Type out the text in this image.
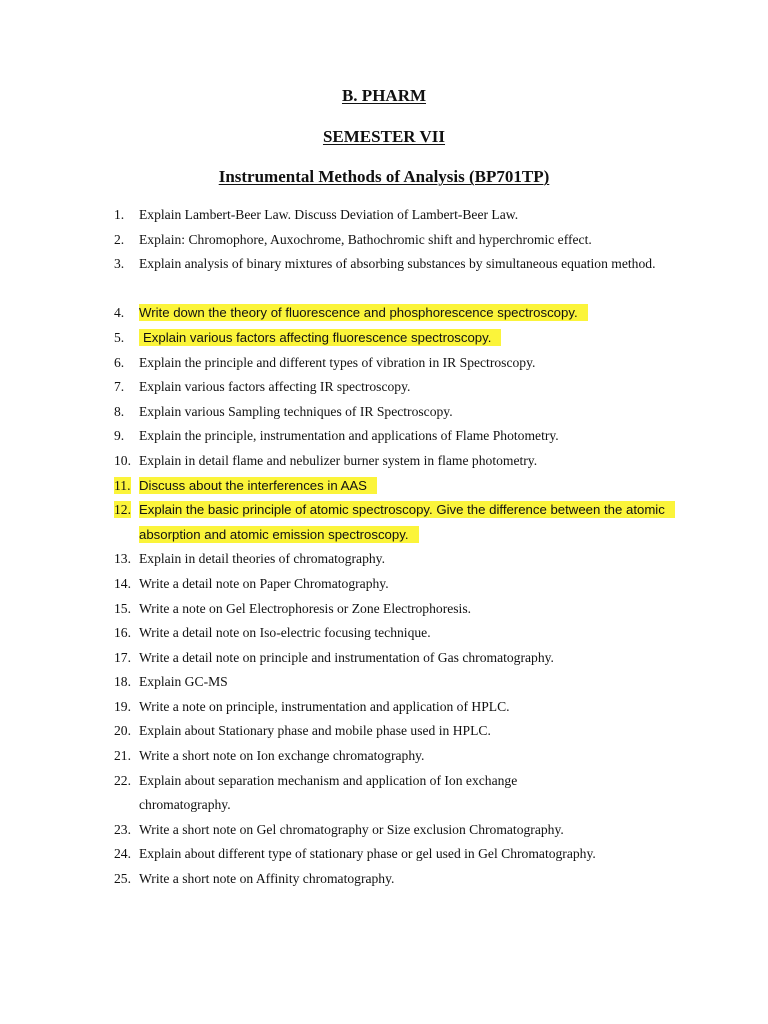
B. PHARM

SEMESTER VII

Instrumental Methods of Analysis (BP701TP)

1.	Explain Lambert-Beer Law. Discuss Deviation of Lambert-Beer Law.
2.	Explain: Chromophore, Auxochrome, Bathochromic shift and hyperchromic effect.
3.	Explain analysis of binary mixtures of absorbing substances by simultaneous equation method.
4.	Write down the theory of fluorescence and phosphorescence spectroscopy.
5.	Explain various factors affecting fluorescence spectroscopy.
6.	Explain the principle and different types of vibration in IR Spectroscopy.
7.	Explain various factors affecting IR spectroscopy.
8.	Explain various Sampling techniques of IR Spectroscopy.
9.	Explain the principle, instrumentation and applications of Flame Photometry.
10. Explain in detail flame and nebulizer burner system in flame photometry.
11. Discuss about the interferences in AAS
12. Explain the basic principle of atomic spectroscopy. Give the difference between the atomic absorption and atomic emission spectroscopy.
13. Explain in detail theories of chromatography.
14. Write a detail note on Paper Chromatography.
15. Write a note on Gel Electrophoresis or Zone Electrophoresis.
16. Write a detail note on Iso-electric focusing technique.
17. Write a detail note on principle and instrumentation of Gas chromatography.
18. Explain GC-MS
19. Write a note on principle, instrumentation and application of HPLC.
20. Explain about Stationary phase and mobile phase used in HPLC.
21. Write a short note on Ion exchange chromatography.
22. Explain about separation mechanism and application of Ion exchange chromatography.
23. Write a short note on Gel chromatography or Size exclusion Chromatography.
24. Explain about different type of stationary phase or gel used in Gel Chromatography.
25. Write a short note on Affinity chromatography.
